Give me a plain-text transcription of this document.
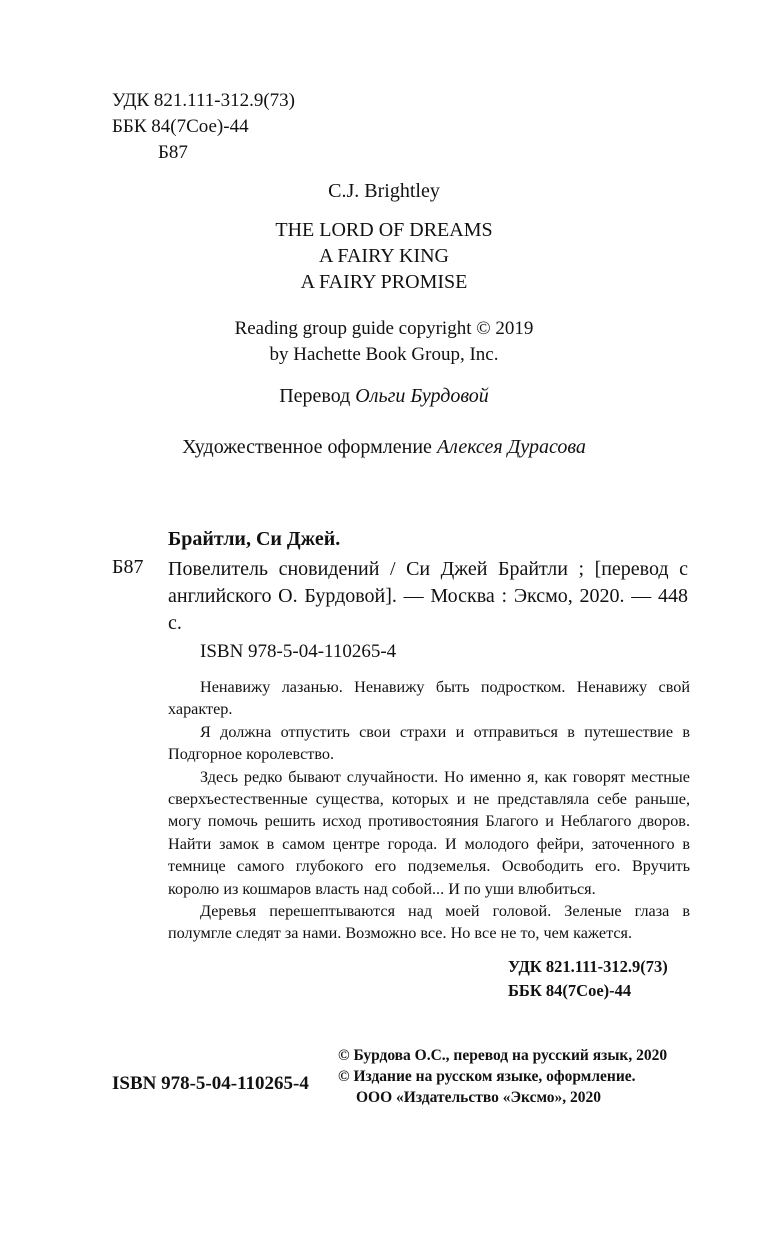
УДК 821.111-312.9(73)
ББК 84(7Сое)-44

Б87
C.J. Brightley
THE LORD OF DREAMS
A FAIRY KING
A FAIRY PROMISE
Reading group guide copyright © 2019
by Hachette Book Group, Inc.
Перевод Ольги Бурдовой
Художественное оформление Алексея Дурасова
Брайтли, Си Джей.
Б87 Повелитель сновидений / Си Джей Брайтли ; [перевод с английского О. Бурдовой]. — Москва : Эксмо, 2020. — 448 с.
ISBN 978-5-04-110265-4

Ненавижу лазанью. Ненавижу быть подростком. Ненавижу свой характер.

Я должна отпустить свои страхи и отправиться в путешествие в Подгорное королевство.

Здесь редко бывают случайности. Но именно я, как говорят местные сверхъестественные существа, которых и не представляла себе раньше, могу помочь решить исход противостояния Благого и Неблагого дворов. Найти замок в самом центре города. И молодого фейри, заточенного в темнице самого глубокого его подземелья. Освободить его. Вручить королю из кошмаров власть над собой... И по уши влюбиться.

Деревья перешептываются над моей головой. Зеленые глаза в полумгле следят за нами. Возможно все. Но все не то, чем кажется.

УДК 821.111-312.9(73)
ББК 84(7Сое)-44
© Бурдова О.С., перевод на русский язык, 2020
© Издание на русском языке, оформление.

ООО «Издательство «Эксмо», 2020
ISBN 978-5-04-110265-4
